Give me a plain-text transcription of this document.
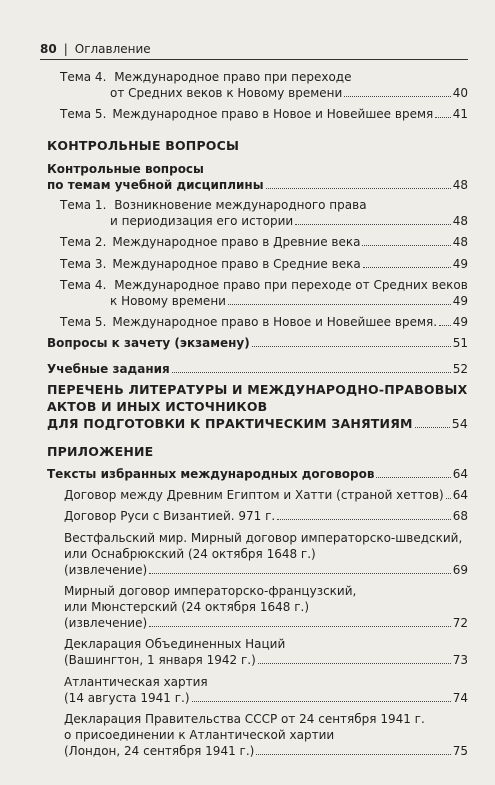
80 | Оглавление
Тема 4. Международное право при переходе
от Средних веков к Новому времени	40
Тема 5. Международное право в Новое и Новейшее время 41
КОНТРОЛЬНЫЕ ВОПРОСЫ
Контрольные вопросы
по темам учебной дисциплины	48
Тема 1. Возникновение международного права
и периодизация его истории	48
Тема 2. Международное право в Древние века	48
Тема 3. Международное право в Средние века	49
Тема 4. Международное право при переходе от Средних веков
к Новому времени	49
Тема 5. Международное право в Новое и Новейшее время. 49
Вопросы к зачету (экзамену)	51
Учебные задания	52
ПЕРЕЧЕНЬ ЛИТЕРАТУРЫ И МЕЖДУНАРОДНО-ПРАВОВЫХ
АКТОВ И ИНЫХ ИСТОЧНИКОВ
ДЛЯ ПОДГОТОВКИ К ПРАКТИЧЕСКИМ ЗАНЯТИЯМ	54
ПРИЛОЖЕНИЕ
Тексты избранных международных договоров	64
Договор между Древним Египтом и Хатти (страной хеттов) 64
Договор Руси с Византией. 971 г.	68
Вестфальский мир. Мирный договор императорско-шведский,
или Оснабрюкский (24 октября 1648 г.)
(извлечение)	69
Мирный договор императорско-французский,
или Мюнстерский (24 октября 1648 г.)
(извлечение)	72
Декларация Объединенных Наций
(Вашингтон, 1 января 1942 г.)	73
Атлантическая хартия
(14 августа 1941 г.)	74
Декларация Правительства СССР от 24 сентября 1941 г.
о присоединении к Атлантической хартии
(Лондон, 24 сентября 1941 г.)	75
